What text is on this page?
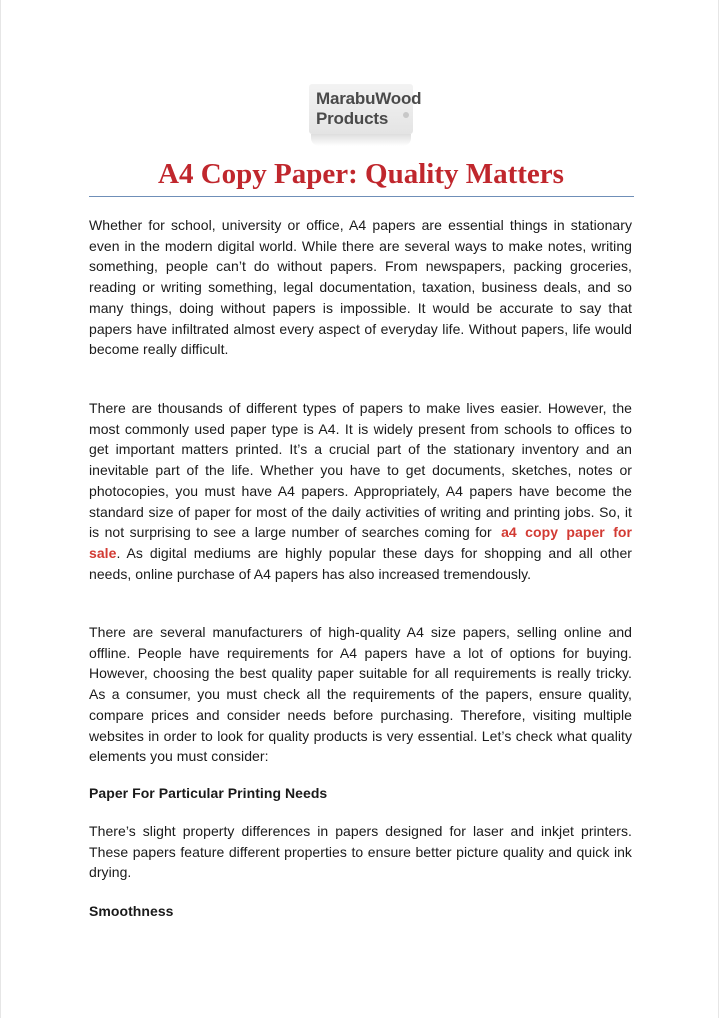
MarabuWood
Products
A4 Copy Paper: Quality Matters

Whether for school, university or office, A4 papers are essential things in stationary even in the modern digital world. While there are several ways to make notes, writing something, people can’t do without papers. From newspapers, packing groceries, reading or writing something, legal documentation, taxation, business deals, and so many things, doing without papers is impossible. It would be accurate to say that papers have infiltrated almost every aspect of everyday life. Without papers, life would become really difficult.

There are thousands of different types of papers to make lives easier. However, the most commonly used paper type is A4. It is widely present from schools to offices to get important matters printed. It’s a crucial part of the stationary inventory and an inevitable part of the life. Whether you have to get documents, sketches, notes or photocopies, you must have A4 papers. Appropriately, A4 papers have become the standard size of paper for most of the daily activities of writing and printing jobs. So, it is not surprising to see a large number of searches coming for a4 copy paper for sale. As digital mediums are highly popular these days for shopping and all other needs, online purchase of A4 papers has also increased tremendously.

There are several manufacturers of high-quality A4 size papers, selling online and offline. People have requirements for A4 papers have a lot of options for buying. However, choosing the best quality paper suitable for all requirements is really tricky. As a consumer, you must check all the requirements of the papers, ensure quality, compare prices and consider needs before purchasing. Therefore, visiting multiple websites in order to look for quality products is very essential. Let’s check what quality elements you must consider:

Paper For Particular Printing Needs

There’s slight property differences in papers designed for laser and inkjet printers. These papers feature different properties to ensure better picture quality and quick ink drying.

Smoothness
